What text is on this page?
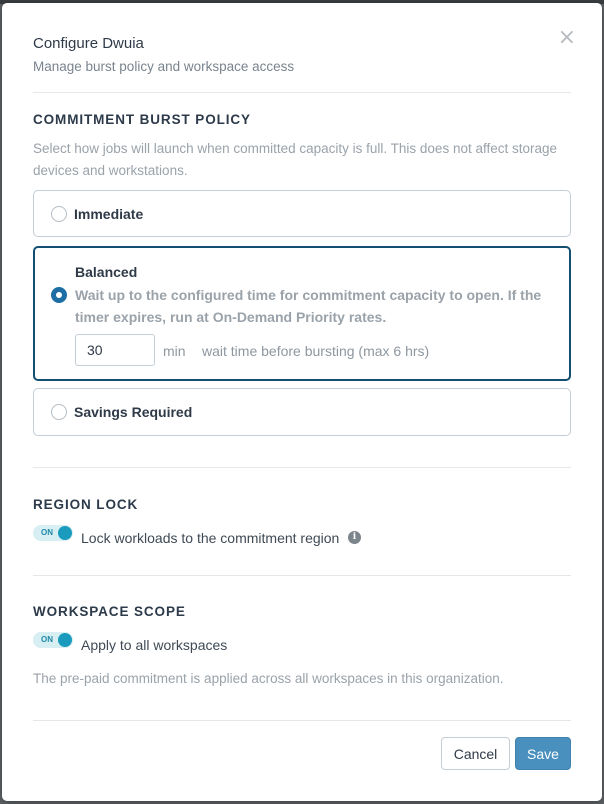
×
Configure Dwuia
Manage burst policy and workspace access
COMMITMENT BURST POLICY
Select how jobs will launch when committed capacity is full. This does not affect storage devices and workstations.
Immediate
Balanced
Wait up to the configured time for commitment capacity to open. If the timer expires, run at On-Demand Priority rates.
30
min wait time before bursting (max 6 hrs)
Savings Required
REGION LOCK
ON Lock workloads to the commitment region	i
WORKSPACE SCOPE
ON Apply to all workspaces
The pre-paid commitment is applied across all workspaces in this organization.
Cancel	Save
